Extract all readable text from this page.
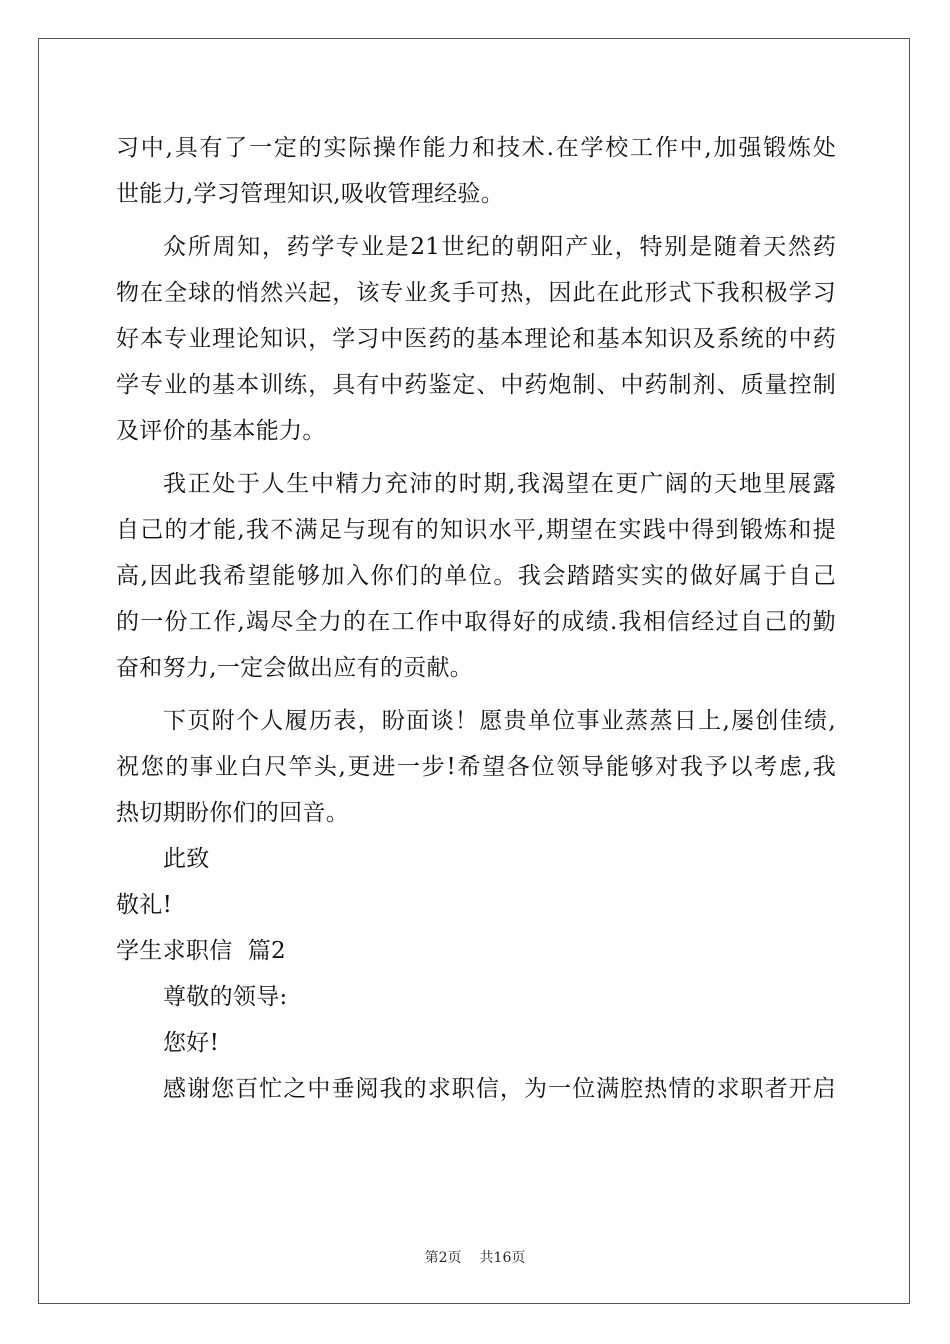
习中,具有了一定的实际操作能力和技术.在学校工作中,加强锻炼处
世能力,学习管理知识,吸收管理经验。
众所周知，药学专业是21世纪的朝阳产业，特别是随着天然药
物在全球的悄然兴起，该专业炙手可热，因此在此形式下我积极学习
好本专业理论知识，学习中医药的基本理论和基本知识及系统的中药
学专业的基本训练，具有中药鉴定、中药炮制、中药制剂、质量控制
及评价的基本能力。
我正处于人生中精力充沛的时期,我渴望在更广阔的天地里展露
自己的才能,我不满足与现有的知识水平,期望在实践中得到锻炼和提
高,因此我希望能够加入你们的单位。我会踏踏实实的做好属于自己
的一份工作,竭尽全力的在工作中取得好的成绩.我相信经过自己的勤
奋和努力,一定会做出应有的贡献。
下页附个人履历表，盼面谈！愿贵单位事业蒸蒸日上,屡创佳绩,
祝您的事业白尺竿头,更进一步!希望各位领导能够对我予以考虑,我
热切期盼你们的回音。
此致
敬礼!
学生求职信  篇2
尊敬的领导:
您好!
感谢您百忙之中垂阅我的求职信，为一位满腔热情的求职者开启
第2页 共16页
